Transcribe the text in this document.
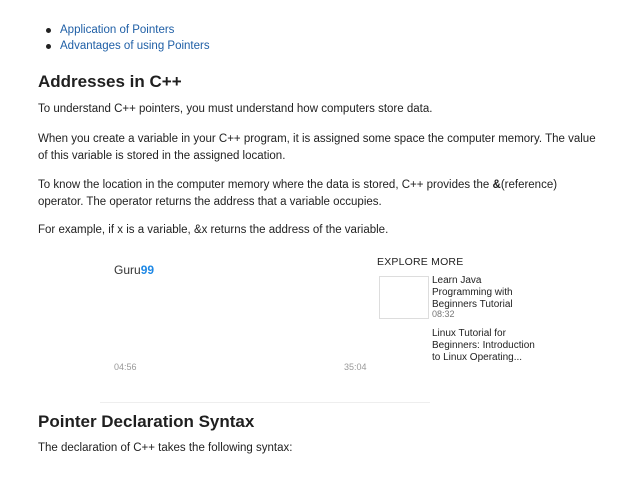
Application of Pointers
Advantages of using Pointers
Addresses in C++

To understand C++ pointers, you must understand how computers store data.

When you create a variable in your C++ program, it is assigned some space the computer memory. The value of this variable is stored in the assigned location.

To know the location in the computer memory where the data is stored, C++ provides the &(reference) operator. The operator returns the address that a variable occupies.

For example, if x is a variable, &x returns the address of the variable.

Guru99
04:56	35:04
EXPLORE MORE
Learn Java Programming with Beginners Tutorial
08:32
Linux Tutorial for Beginners: Introduction to Linux Operating...
Pointer Declaration Syntax

The declaration of C++ takes the following syntax:
